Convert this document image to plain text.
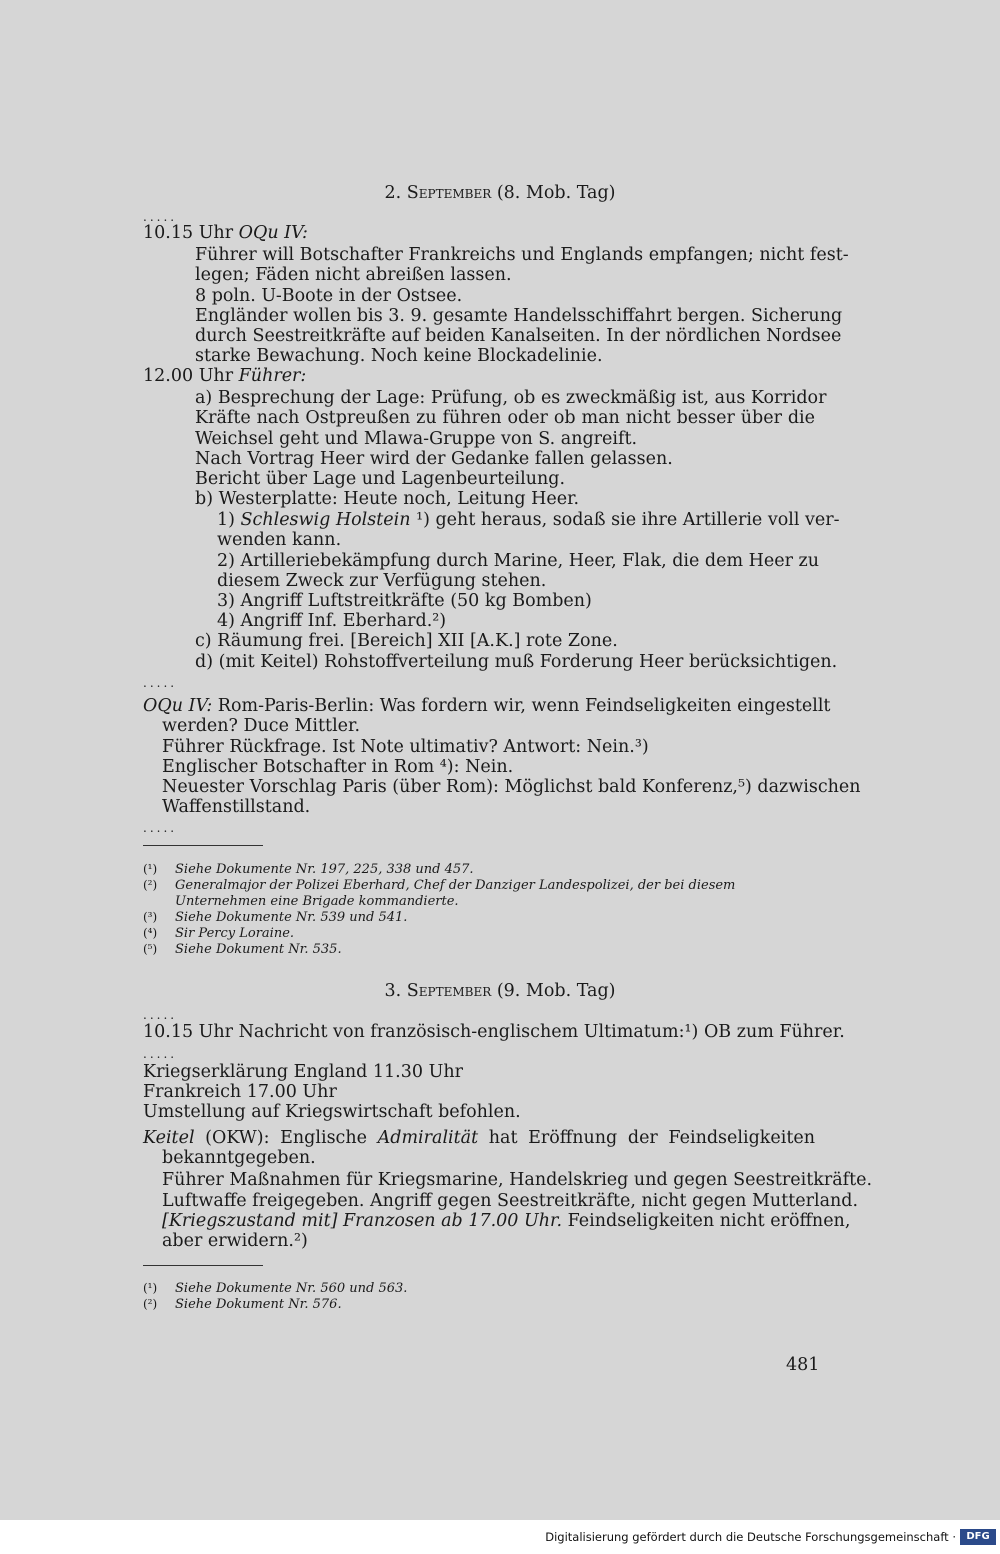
2. September (8. Mob. Tag)
.....
10.15 Uhr OQu IV:
Führer will Botschafter Frankreichs und Englands empfangen; nicht fest-
legen; Fäden nicht abreißen lassen.
8 poln. U-Boote in der Ostsee.
Engländer wollen bis 3. 9. gesamte Handelsschiffahrt bergen. Sicherung
durch Seestreitkräfte auf beiden Kanalseiten. In der nördlichen Nordsee
starke Bewachung. Noch keine Blockadelinie.
12.00 Uhr Führer:
a) Besprechung der Lage: Prüfung, ob es zweckmäßig ist, aus Korridor
Kräfte nach Ostpreußen zu führen oder ob man nicht besser über die
Weichsel geht und Mlawa-Gruppe von S. angreift.
Nach Vortrag Heer wird der Gedanke fallen gelassen.
Bericht über Lage und Lagenbeurteilung.
b) Westerplatte: Heute noch, Leitung Heer.
1) Schleswig Holstein ¹) geht heraus, sodaß sie ihre Artillerie voll ver-
wenden kann.
2) Artilleriebekämpfung durch Marine, Heer, Flak, die dem Heer zu
diesem Zweck zur Verfügung stehen.
3) Angriff Luftstreitkräfte (50 kg Bomben)
4) Angriff Inf. Eberhard.²)
c) Räumung frei. [Bereich] XII [A.K.] rote Zone.
d) (mit Keitel) Rohstoffverteilung muß Forderung Heer berücksichtigen.
.....
OQu IV: Rom-Paris-Berlin: Was fordern wir, wenn Feindseligkeiten eingestellt
werden? Duce Mittler.
Führer Rückfrage. Ist Note ultimativ? Antwort: Nein.³)
Englischer Botschafter in Rom ⁴): Nein.
Neuester Vorschlag Paris (über Rom): Möglichst bald Konferenz,⁵) dazwischen
Waffenstillstand.
.....
(¹) Siehe Dokumente Nr. 197, 225, 338 und 457.
(²) Generalmajor der Polizei Eberhard, Chef der Danziger Landespolizei, der bei diesem
Unternehmen eine Brigade kommandierte.
(³) Siehe Dokumente Nr. 539 und 541.
(⁴) Sir Percy Loraine.
(⁵) Siehe Dokument Nr. 535.
3. September (9. Mob. Tag)
.....
10.15 Uhr Nachricht von französisch-englischem Ultimatum:¹) OB zum Führer.
.....
Kriegserklärung England 11.30 Uhr
Frankreich 17.00 Uhr
Umstellung auf Kriegswirtschaft befohlen.
Keitel (OKW): Englische Admiralität hat Eröffnung der Feindseligkeiten
bekanntgegeben.
Führer Maßnahmen für Kriegsmarine, Handelskrieg und gegen Seestreitkräfte.
Luftwaffe freigegeben. Angriff gegen Seestreitkräfte, nicht gegen Mutterland.
[Kriegszustand mit] Franzosen ab 17.00 Uhr. Feindseligkeiten nicht eröffnen,
aber erwidern.²)
(¹) Siehe Dokumente Nr. 560 und 563.
(²) Siehe Dokument Nr. 576.
481
Digitalisierung gefördert durch die Deutsche Forschungsgemeinschaft ·	DFG
